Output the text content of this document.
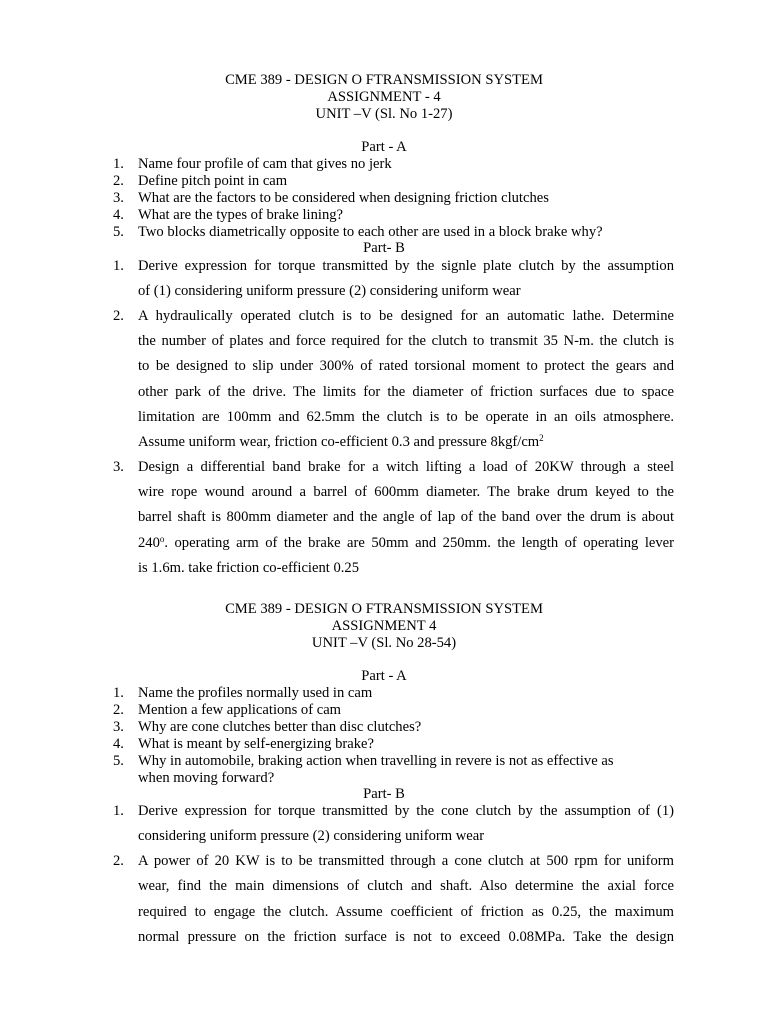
CME 389 - DESIGN O FTRANSMISSION SYSTEM
ASSIGNMENT - 4
UNIT –V (Sl. No 1-27)
Part - A
1. Name four profile of cam that gives no jerk
2. Define pitch point in cam
3. What are the factors to be considered when designing friction clutches
4. What are the types of brake lining?
5. Two blocks diametrically opposite to each other are used in a block brake why?
Part- B
1. Derive expression for torque transmitted by the signle plate clutch by the assumption
of (1) considering uniform pressure (2) considering uniform wear
2. A hydraulically operated clutch is to be designed for an automatic lathe. Determine
the number of plates and force required for the clutch to transmit 35 N-m. the clutch is
to be designed to slip under 300% of rated torsional moment to protect the gears and
other park of the drive. The limits for the diameter of friction surfaces due to space
limitation are 100mm and 62.5mm the clutch is to be operate in an oils atmosphere.
Assume uniform wear, friction co-efficient 0.3 and pressure $8kgf/cm^2$
3. Design a differential band brake for a witch lifting a load of 20KW through a steel
wire rope wound around a barrel of 600mm diameter. The brake drum keyed to the
barrel shaft is 800mm diameter and the angle of lap of the band over the drum is about
240$^o$. operating arm of the brake are 50mm and 250mm. the length of operating lever
is 1.6m. take friction co-efficient 0.25
CME 389 - DESIGN O FTRANSMISSION SYSTEM
ASSIGNMENT 4
UNIT –V (Sl. No 28-54)
Part - A
1. Name the profiles normally used in cam
2. Mention a few applications of cam
3. Why are cone clutches better than disc clutches?
4. What is meant by self-energizing brake?
5. Why in automobile, braking action when travelling in revere is not as effective as
when moving forward?
Part- B
1. Derive expression for torque transmitted by the cone clutch by the assumption of (1)
considering uniform pressure (2) considering uniform wear
2. A power of 20 KW is to be transmitted through a cone clutch at 500 rpm for uniform
wear, find the main dimensions of clutch and shaft. Also determine the axial force
required to engage the clutch. Assume coefficient of friction as 0.25, the maximum
normal pressure on the friction surface is not to exceed 0.08MPa. Take the design
